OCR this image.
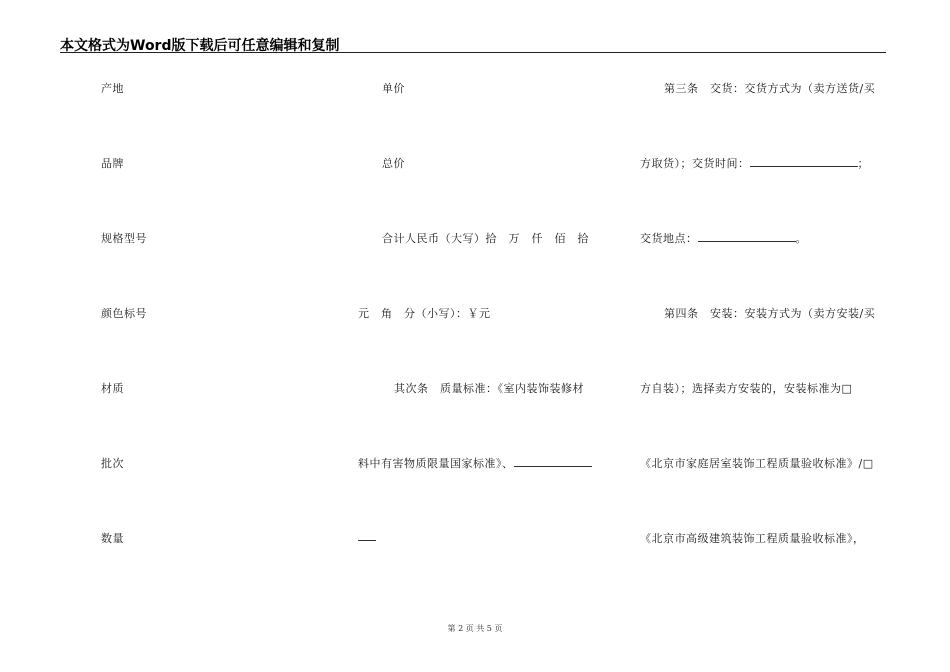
本文格式为Word版下载后可任意编辑和复制
产地
品牌
规格型号
颜色标号
材质
批次
数量
单价
总价
合计人民币（大写）拾　万　仟　佰　拾
元　角　分（小写）：￥元
其次条　质量标准：《室内装饰装修材
料中有害物质限量国家标准》、
第三条　交货：交货方式为（卖方送货/买
方取货）；交货时间：	；
交货地点：	。
第四条　安装：安装方式为（卖方安装/买
方自装）；选择卖方安装的，安装标准为□
《北京市家庭居室装饰工程质量验收标准》/□
《北京市高级建筑装饰工程质量验收标准》，
第 2 页 共 5 页
